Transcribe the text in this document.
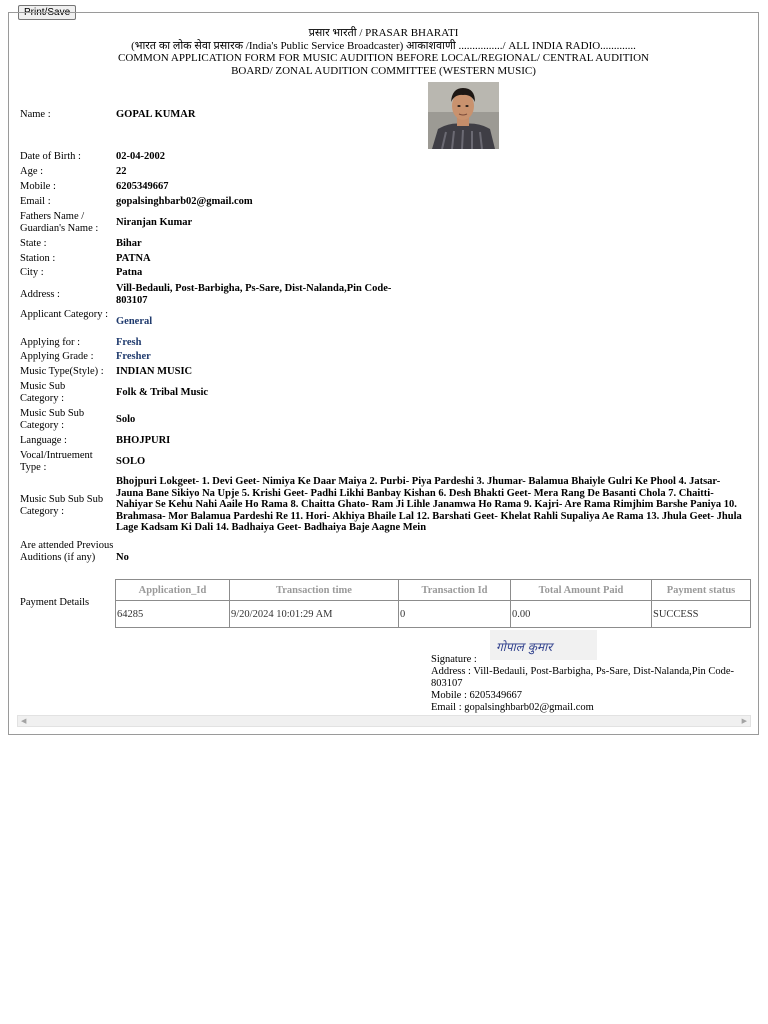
Print/Save
प्रसार भारती / PRASAR BHARATI
(भारत का लोक सेवा प्रसारक /India's Public Service Broadcaster) आकाशवाणी ................/ ALL INDIA RADIO.............
COMMON APPLICATION FORM FOR MUSIC AUDITION BEFORE LOCAL/REGIONAL/ CENTRAL AUDITION
BOARD/ ZONAL AUDITION COMMITTEE (WESTERN MUSIC)
Name :	GOPAL KUMAR
Date of Birth :	02-04-2002
Age :	22
Mobile :	6205349667
Email :	gopalsinghbarb02@gmail.com
Fathers Name / Guardian's Name :	Niranjan Kumar
State :	Bihar
Station :	PATNA
City :	Patna
Address :
Vill-Bedauli, Post-Barbigha, Ps-Sare, Dist-Nalanda,Pin Code-803107
Applicant Category :
General
Applying for :	Fresh
Applying Grade :	Fresher
Music Type(Style) :	INDIAN MUSIC
Music Sub Category :	Folk & Tribal Music
Music Sub Sub Category :	Solo
Language :	BHOJPURI
Vocal/Intruement Type :	SOLO
Music Sub Sub Sub Category :
Bhojpuri Lokgeet- 1. Devi Geet- Nimiya Ke Daar Maiya 2. Purbi- Piya Pardeshi 3. Jhumar- Balamua Bhaiyle Gulri Ke Phool 4. Jatsar- Jauna Bane Sikiyo Na Upje 5. Krishi Geet- Padhi Likhi Banbay Kishan 6. Desh Bhakti Geet- Mera Rang De Basanti Chola 7. Chaitti- Nahiyar Se Kehu Nahi Aaile Ho Rama 8. Chaitta Ghato- Ram Ji Lihle Janamwa Ho Rama 9. Kajri- Are Rama Rimjhim Barshe Paniya 10. Brahmasa- Mor Balamua Pardeshi Re 11. Hori- Akhiya Bhaile Lal 12. Barshati Geet- Khelat Rahli Supaliya Ae Rama 13. Jhula Geet- Jhula Lage Kadsam Ki Dali 14. Badhaiya Geet- Badhaiya Baje Aagne Mein
Are attended Previous Auditions (if any)	No
Payment Details
Application_Id	Transaction time	Transaction Id	Total Amount Paid	Payment status
64285	9/20/2024 10:01:29 AM	0	0.00	SUCCESS
गोपाल कुमार
Signature :
Address : Vill-Bedauli, Post-Barbigha, Ps-Sare, Dist-Nalanda,Pin Code-803107
Mobile : 6205349667
Email : gopalsinghbarb02@gmail.com
◀	▶
